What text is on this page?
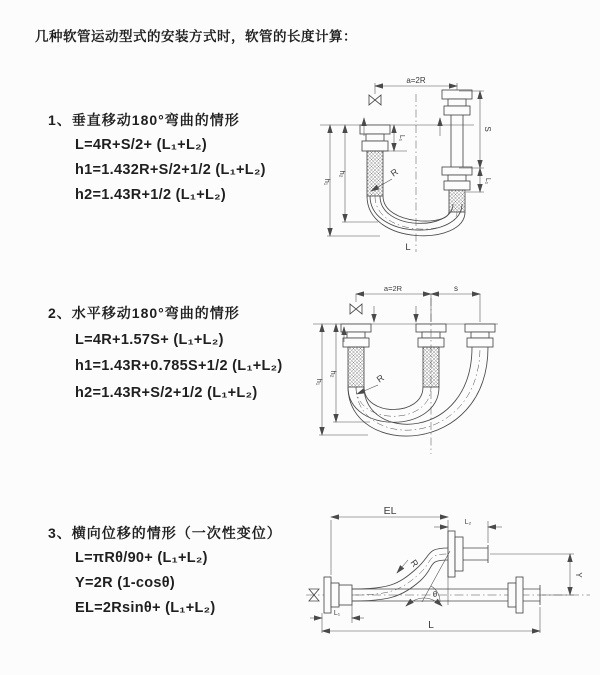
几种软管运动型式的安装方式时，软管的长度计算：
1、垂直移动180°弯曲的情形
L=4R+S/2+ (L₁+L₂)
h1=1.432R+S/2+1/2 (L₁+L₂)
h2=1.43R+1/2 (L₁+L₂)
2、水平移动180°弯曲的情形
L=4R+1.57S+ (L₁+L₂)
h1=1.43R+0.785S+1/2 (L₁+L₂)
h2=1.43R+S/2+1/2 (L₁+L₂)
3、横向位移的情形（一次性变位）
L=πRθ/90+ (L₁+L₂)
Y=2R (1-cosθ)
EL=2Rsinθ+ (L₁+L₂)
a=2R
S
L₁
L₁
h₁
h₂	R
L
a=2R	s
h₁
h₂	R
EL
L₂
Y
R
θ
L₁
L
